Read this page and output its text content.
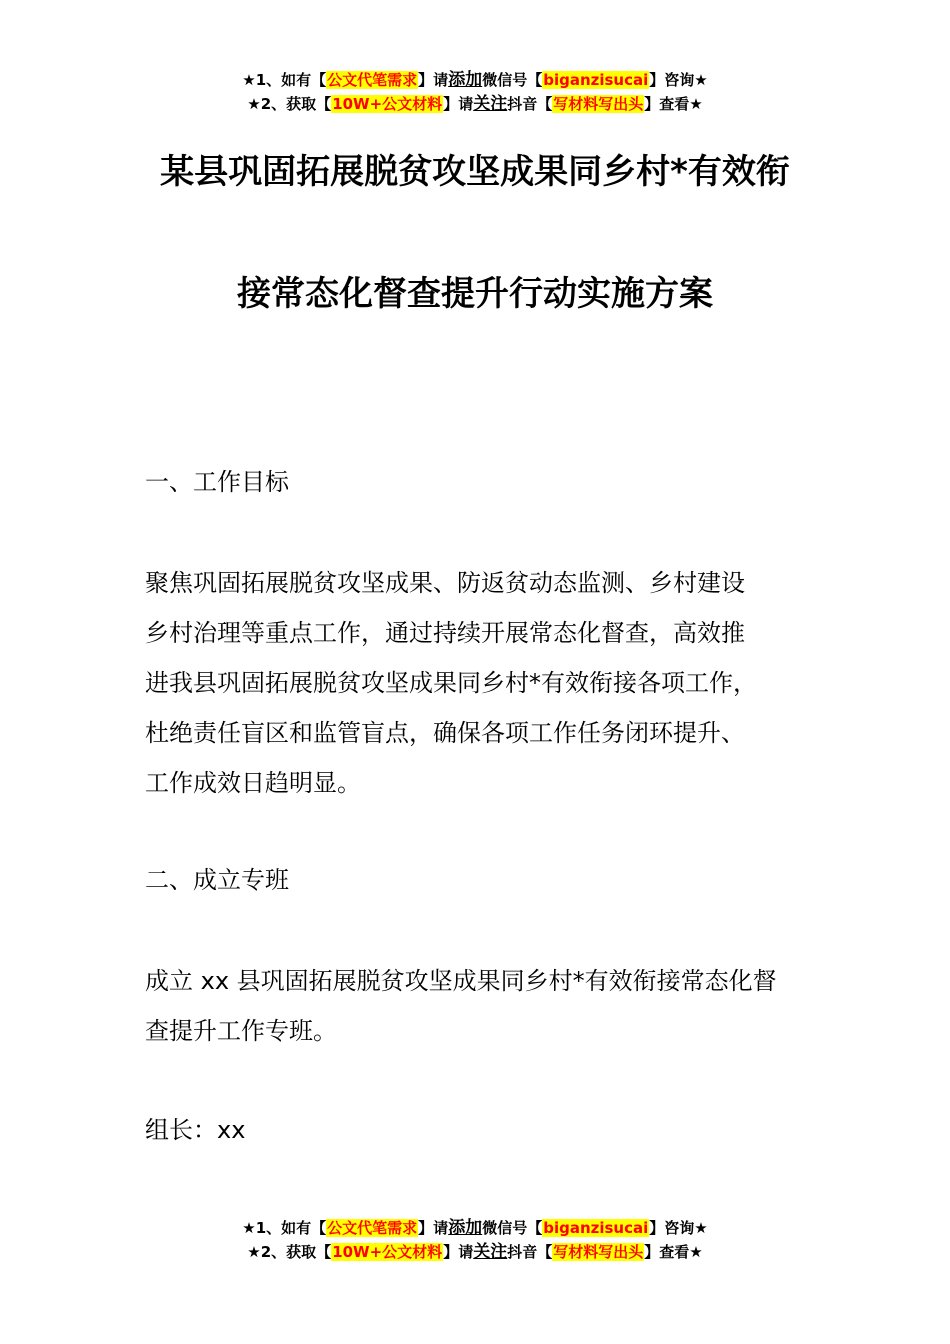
★1、如有【公文代笔需求】请添加微信号【biganzisucai】咨询★
★2、获取【10W+公文材料】请关注抖音【写材料写出头】查看★
某县巩固拓展脱贫攻坚成果同乡村*有效衔
接常态化督查提升行动实施方案
一、工作目标
聚焦巩固拓展脱贫攻坚成果、防返贫动态监测、乡村建设
乡村治理等重点工作，通过持续开展常态化督查，高效推
进我县巩固拓展脱贫攻坚成果同乡村*有效衔接各项工作，
杜绝责任盲区和监管盲点，确保各项工作任务闭环提升、
工作成效日趋明显。
二、成立专班
成立 xx 县巩固拓展脱贫攻坚成果同乡村*有效衔接常态化督
查提升工作专班。
组长：xx
★1、如有【公文代笔需求】请添加微信号【biganzisucai】咨询★
★2、获取【10W+公文材料】请关注抖音【写材料写出头】查看★
